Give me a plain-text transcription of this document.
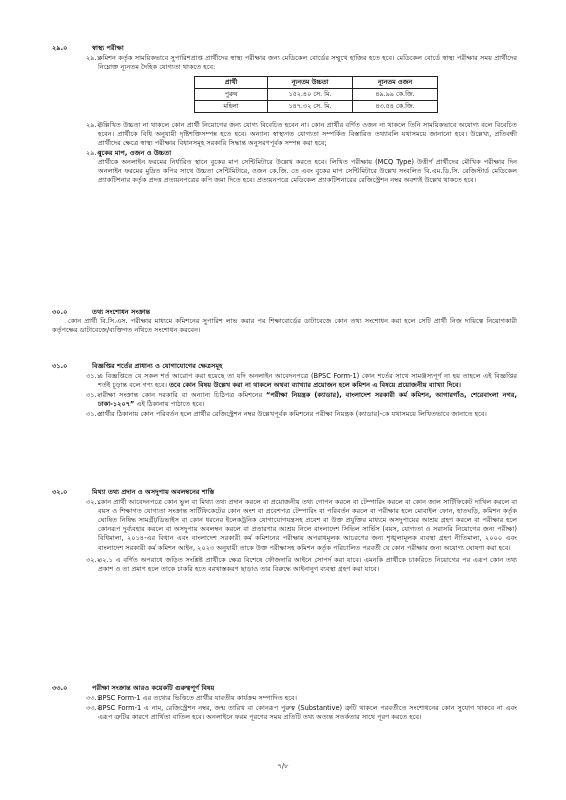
২৯.০	স্বাস্থ্য পরীক্ষা
২৯.১
কমিশন কর্তৃক সাময়িকভাবে সুপারিশপ্রাপ্ত প্রার্থীদের স্বাস্থ্য পরীক্ষার জন্য মেডিকেল বোর্ডের সম্মুখে হাজির হতে হবে। মেডিকেল বোর্ডে স্বাস্থ্য পরীক্ষার সময় প্রার্থীদের নিম্নোক্ত ন্যূনতম দৈহিক যোগ্যতা থাকতে হবে:
প্রার্থী	ন্যূনতম উচ্চতা	ন্যূনতম ওজন
পুরুষ	১৫২.৪০ সে. মি.	৪৯.৯৯ কে.জি.
মহিলা	১৪৭.৩২ সে. মি.	৪৩.৫৪ কে.জি.
২৯.২
উল্লিখিত উচ্চতা না থাকলে কোন প্রার্থী নিয়োগের জন্য যোগ্য বিবেচিত হবেন না। কোন প্রার্থীর বর্ণিত ওজন না থাকলে তিনি সাময়িকভাবে অযোগ্য বলে বিবেচিত হবেন। প্রার্থীকে বিধি অনুযায়ী দৃষ্টিশক্তিসম্পন্ন হতে হবে। অন্যান্য স্বাস্থ্যগত যোগ্যতা সম্পর্কিত বিস্তারিত তথ্যাবলি যথাসময়ে জানানো হবে। উল্লেখ্য, প্রতিবন্ধী প্রার্থীদের ক্ষেত্রে স্বাস্থ্য পরীক্ষার বিধানসমূহ সরকারি সিদ্ধান্ত অনুসরণপূর্বক সম্পন্ন করা হবে;
২৯.৩
বুকের মাপ, ওজন ও উচ্চতা
প্রার্থীকে অনলাইন ফরমের নির্ধারিত স্থানে বুকের মাপ সেন্টিমিটারে উল্লেখ করতে হবে। লিখিত পরীক্ষায় (MCQ Type) উত্তীর্ণ প্রার্থীদের মৌখিক পরীক্ষার দিন অনলাইন ফরমের মুদ্রিত কপির সাথে উচ্চতা সেন্টিমিটারে, ওজন কে.জি. তে এবং বুকের মাপ সেন্টিমিটারে উল্লেখ সংবলিত বি.এম.ডি.সি. রেজিস্টার্ড মেডিকেল প্র্যাকটিশনার কর্তৃক প্রদত্ত প্রত্যয়নপত্রের কপি জমা দিতে হবে। প্রত্যয়নপত্রে মেডিকেল প্র্যাকটিশনারের রেজিস্ট্রেশন নম্বর অবশ্যই উল্লেখ থাকতে হবে।
৩০.০	তথ্য সংশোধন সংক্রান্ত
কোন প্রার্থী বি.সি.এস. পরীক্ষার মাধ্যমে কমিশনের সুপারিশ লাভ করার পর শিক্ষাবোর্ডের ডাটাবেজে কোন তথ্য সংশোধন করা হলে সেটি প্রার্থী নিজ দায়িত্বে নিয়োগকারী কর্তৃপক্ষের ডাটাবেজে/ব্যক্তিগত নথিতে সংশোধন করবেন।
৩১.০	বিজ্ঞপ্তির শর্তের প্রাধান্য ও যোগাযোগের ক্ষেত্রসমূহ
৩১.১
এ বিজ্ঞপ্তিতে যে সকল শর্ত আরোপ করা হয়েছে তা যদি অনলাইন আবেদনপত্রে (BPSC Form-1) কোন শর্তের সাথে সামঞ্জস্যপূর্ণ না হয় তাহলে এই বিজ্ঞপ্তির শর্তই চূড়ান্ত বলে গণ্য হবে। তবে কোন বিষয় উল্লেখ করা না থাকলে অথবা ব্যাখ্যার প্রয়োজন হলে কমিশন এ বিষয়ে প্রয়োজনীয় ব্যাখ্যা দিবে।
৩১.২
পরীক্ষা সংক্রান্ত কোন দরকারি বা অন্যান্য চিঠিপত্র কমিশনের “পরীক্ষা নিয়ন্ত্রক (ক্যাডার), বাংলাদেশ সরকারী কর্ম কমিশন, আগারগাঁও, শেরেবাংলা নগর, ঢাকা-১২০৭” এই ঠিকানায় পাঠাতে হবে।
৩১.৩
প্রার্থীর ঠিকানায় কোন পরিবর্তন হলে প্রার্থীর রেজিস্ট্রেশন নম্বর উল্লেখপূর্বক কমিশনের পরীক্ষা নিয়ন্ত্রক (ক্যাডার)-কে যথাসময়ে লিখিতভাবে জানাতে হবে।
৩২.০	মিথ্যা তথ্য প্রদান ও অসদুপায় অবলম্বনের শাস্তি
৩২.১
কোন প্রার্থী আবেদনপত্রে কোন ভুল বা মিথ্যা তথ্য প্রদান করলে বা প্রয়োজনীয় তথ্য গোপন করলে বা টেম্পারিং করলে বা কোন জাল সার্টিফিকেট দাখিল করলে বা বয়স ও শিক্ষাগত যোগ্যতা সংক্রান্ত সার্টিফিকেটের কোন অংশ বা প্রবেশপত্র টেম্পারিং বা পরিবর্তন করলে বা পরীক্ষার হলে মোবাইল ফোন, হাতঘড়ি, কমিশন কর্তৃক ঘোষিত নিষিদ্ধ সামগ্রী/ডিভাইস বা কোন ধরনের ইলেকট্রনিক যোগাযোগযন্ত্রসহ প্রবেশ বা উক্ত প্রযুক্তির মাধ্যমে অসদুপায়ের আশ্রয় গ্রহণ করলে বা পরীক্ষার হলে কোনরূপ দুর্ব্যবহার করলে বা অসদুপায় অবলম্বন করলে বা প্রতারণার আশ্রয় নিলে বাংলাদেশ সিভিল সার্ভিস (বয়স, যোগ্যতা ও সরাসরি নিয়োগের জন্য পরীক্ষা) বিধিমালা, ২০১৪-এর বিধান এবং বাংলাদেশ সরকারী কর্ম কমিশনের পরীক্ষায় অপরাধমূলক আচরণের জন্য শৃঙ্খলামূলক ব্যবস্থা গ্রহণ নীতিমালা, ২০০০ এবং বাংলাদেশ সরকারী কর্ম কমিশন আইন, ২০২৩ অনুযায়ী তাকে উক্ত পরীক্ষাসহ কমিশন কর্তৃক পরিচালিত পরবর্তী যে কোন পরীক্ষার জন্য অযোগ্য ঘোষণা করা হবে।
৩২.২
৩২.১ এ বর্ণিত অপরাধে জড়িত সংশ্লিষ্ট প্রার্থীকে ক্ষেত্র বিশেষে ফৌজদারি আইনে সোপর্দ করা যাবে। এমনকি প্রার্থীকে চাকরিতে নিয়োগের পর এরূপ কোন তথ্য প্রকাশ ও তা প্রমাণ হলে তাকে চাকরি হতে বরখাস্তকরণ ছাড়াও তার বিরুদ্ধে আইনানুগ ব্যবস্থা গ্রহণ করা যাবে।
৩৩.০	পরীক্ষা সংক্রান্ত আরও কয়েকটি গুরুত্বপূর্ণ বিষয়
৩৩.১
BPSC Form-1 এর তথ্যের ভিত্তিতে প্রার্থীর যাবতীয় কার্যক্রম সম্পাদিত হবে।
৩৩.২
BPSC Form-1 এ নাম, রেজিস্ট্রেশন নম্বর, জন্ম তারিখ বা কোনরূপ পুরুত্ব (Substantive) ত্রুটি থাকলে পরবর্তীতে সংশোধনের কোন সুযোগ থাকবে না এবং এরূপ ত্রুটির কারণে প্রার্থিতা বাতিল হবে। অনলাইনে ফরম পূরণের সময় প্রতিটি তথ্য অত্যন্ত সতর্কতার সাথে পূরণ করতে হবে।
৭/৮
